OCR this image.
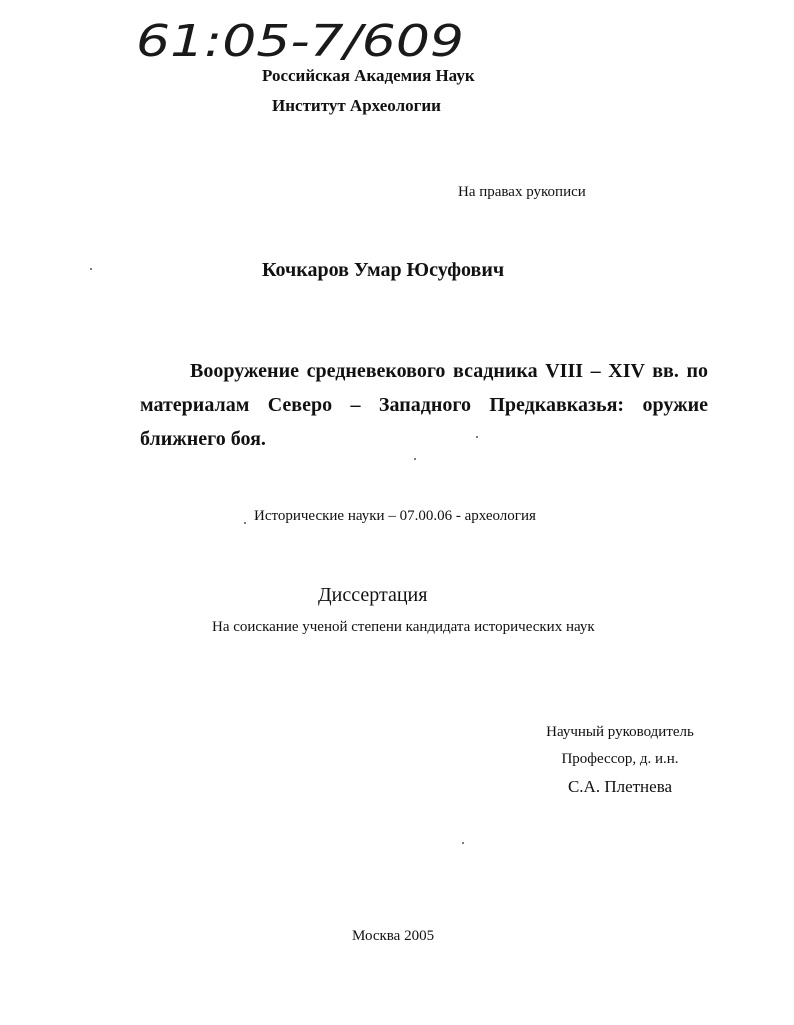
61:05-7/609
Российская Академия Наук
Институт Археологии
На правах рукописи
Кочкаров Умар Юсуфович
Вооружение средневекового всадника VIII – XIV вв. по материалам Северо – Западного Предкавказья: оружие ближнего боя.
Исторические науки – 07.00.06 - археология
Диссертация
На соискание ученой степени кандидата исторических наук
Научный руководитель
Профессор, д. и.н.
С.А. Плетнева
Москва 2005
